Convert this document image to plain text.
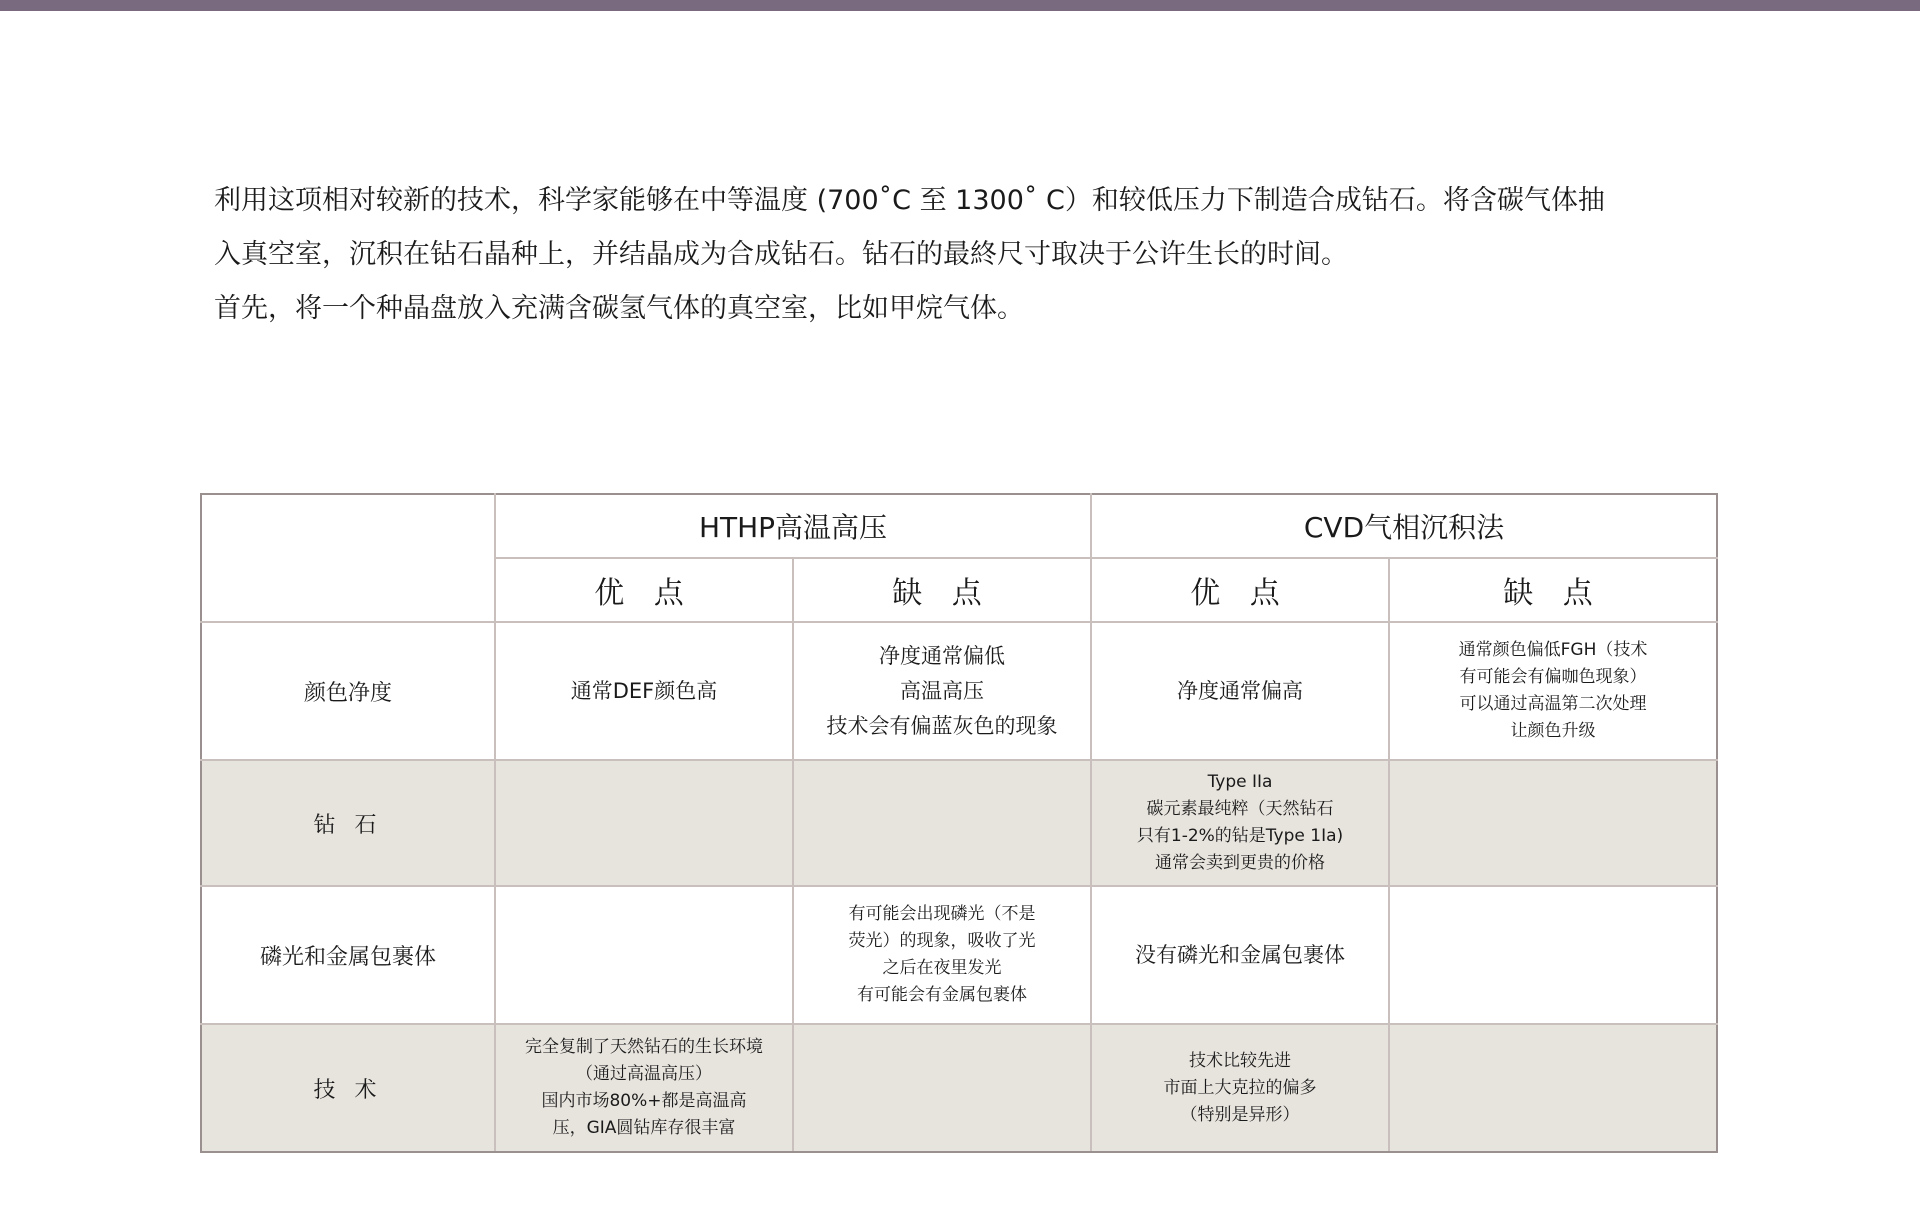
利用这项相对较新的技术，科学家能够在中等温度 (700˚C 至 1300˚ C）和较低压力下制造合成钻石。将含碳气体抽

入真空室，沉积在钻石晶种上，并结晶成为合成钻石。钻石的最終尺寸取决于公许生长的时间。

首先，将一个种晶盘放入充满含碳氢气体的真空室，比如甲烷气体。

	HTHP高温高压		CVD气相沉积法	
	优 点	缺 点	优 点	缺 点
颜色净度	通常DEF颜色高	净度通常偏低
高温高压
技术会有偏蓝灰色的现象	净度通常偏高	通常颜色偏低FGH（技术
有可能会有偏咖色现象）
可以通过高温第二次处理
让颜色升级

钻 石			Type IIa
碳元素最纯粹（天然钻石
只有1-2%的钻是Type 1Ia)
通常会卖到更贵的价格	

磷光和金属包裹体		有可能会出现磷光（不是
荧光）的现象，吸收了光
之后在夜里发光
有可能会有金属包裹体	没有磷光和金属包裹体	

技 术	完全复制了天然钻石的生长环境
（通过高温高压）
国内市场80%+都是高温高
压，GIA圆钻库存很丰富		技术比较先进
市面上大克拉的偏多
（特别是异形）	
